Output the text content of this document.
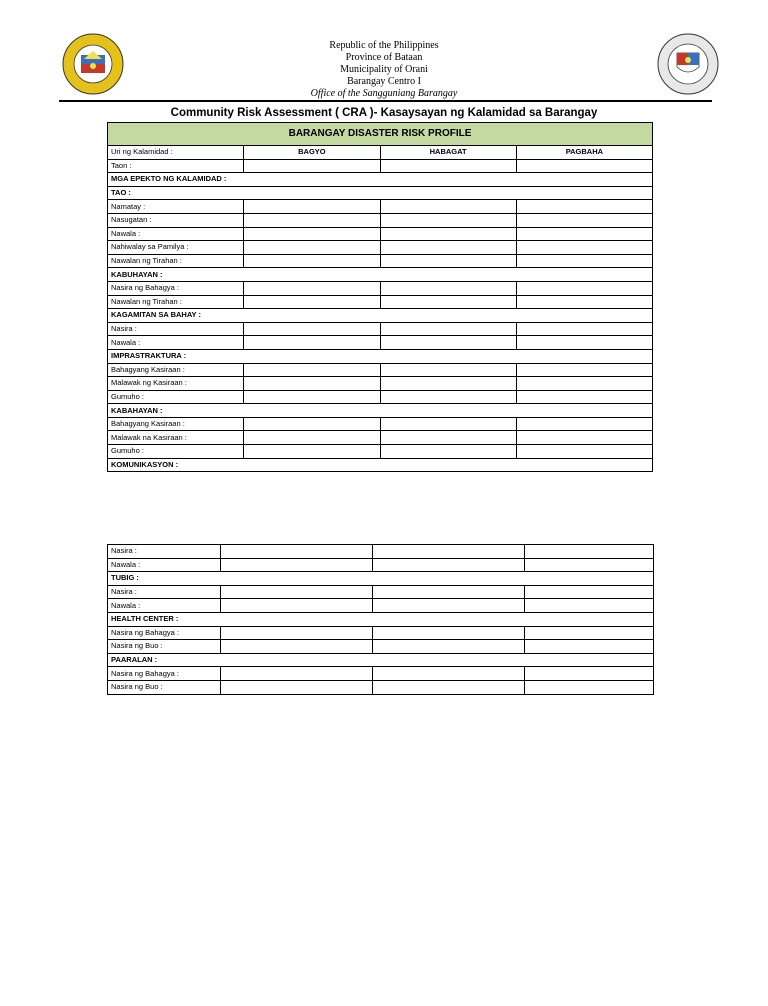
Republic of the Philippines
Province of Bataan
Municipality of Orani
Barangay Centro I
Office of the Sangguniang Barangay
Community Risk Assessment ( CRA )- Kasaysayan ng Kalamidad sa Barangay
BARANGAY DISASTER RISK PROFILE			
Uri ng Kalamidad :	BAGYO	HABAGAT	PAGBAHA
Taon :			
MGA EPEKTO NG KALAMIDAD :			
TAO :			
Namatay :			
Nasugatan :			
Nawala :			
Nahiwalay sa Pamilya :			
Nawalan ng Tirahan :			
KABUHAYAN :			
Nasira ng Bahagya :			
Nawalan ng Tirahan :			
KAGAMITAN SA BAHAY :			
Nasira :			
Nawala :			
IMPRASTRAKTURA :			
Bahagyang Kasiraan :			
Malawak ng Kasiraan :			
Gumuho :			
KABAHAYAN :			
Bahagyang Kasiraan :			
Malawak na Kasiraan :			
Gumuho :			
KOMUNIKASYON :			
Nasira :			
Nawala :			
TUBIG :			
Nasira :			
Nawala :			
HEALTH CENTER :			
Nasira ng Bahagya :			
Nasira ng Buo :			
PAARALAN :			
Nasira ng Bahagya :			
Nasira ng Buo :			
